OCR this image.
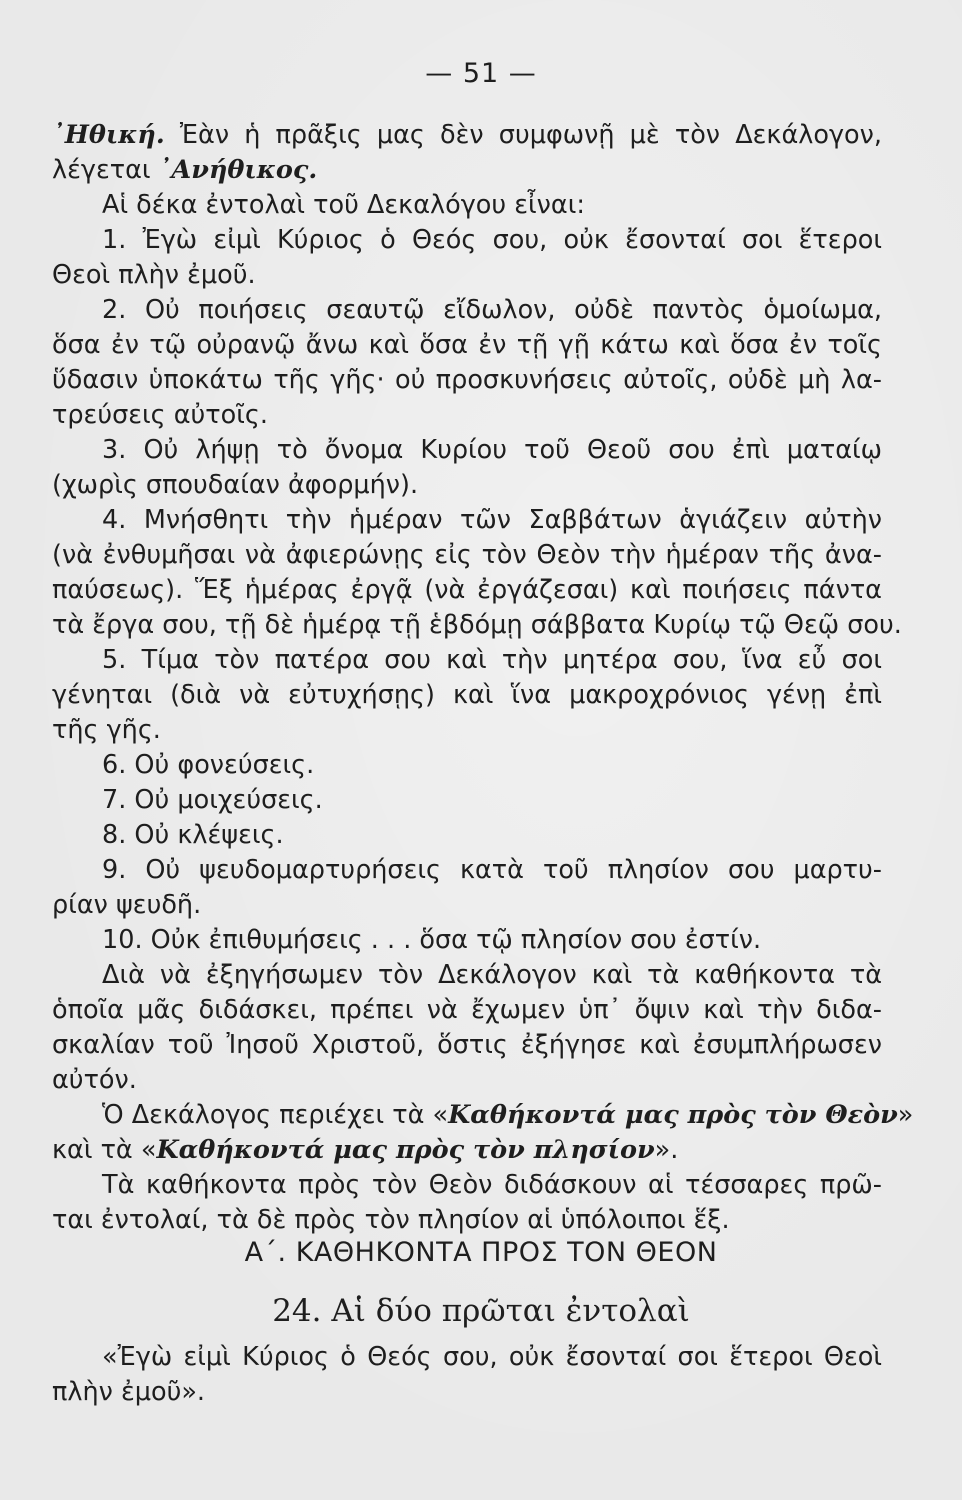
— 51 —
᾽Ηθική. Ἐὰν ἡ πρᾶξις μας δὲν συμφωνῇ μὲ τὸν Δεκάλογον,
λέγεται ᾽Ανήθικος.
Αἱ δέκα ἐντολαὶ τοῦ Δεκαλόγου εἶναι:
1. Ἐγὼ εἰμὶ Κύριος ὁ Θεός σου, οὐκ ἔσονταί σοι ἕτεροι
Θεοὶ πλὴν ἐμοῦ.
2. Οὐ ποιήσεις σεαυτῷ εἴδωλον, οὐδὲ παντὸς ὁμοίωμα,
ὅσα ἐν τῷ οὐρανῷ ἄνω καὶ ὅσα ἐν τῇ γῇ κάτω καὶ ὅσα ἐν τοῖς
ὕδασιν ὑποκάτω τῆς γῆς· οὐ προσκυνήσεις αὐτοῖς, οὐδὲ μὴ λα-
τρεύσεις αὐτοῖς.
3. Οὐ λήψῃ τὸ ὄνομα Κυρίου τοῦ Θεοῦ σου ἐπὶ ματαίῳ
(χωρὶς σπουδαίαν ἀφορμήν).
4. Μνήσθητι τὴν ἡμέραν τῶν Σαββάτων ἁγιάζειν αὐτὴν
(νὰ ἐνθυμῆσαι νὰ ἀφιερώνῃς εἰς τὸν Θεὸν τὴν ἡμέραν τῆς ἀνα-
παύσεως). Ἕξ ἡμέρας ἐργᾷ (νὰ ἐργάζεσαι) καὶ ποιήσεις πάντα
τὰ ἔργα σου, τῇ δὲ ἡμέρᾳ τῇ ἑβδόμῃ σάββατα Κυρίῳ τῷ Θεῷ σου.
5. Τίμα τὸν πατέρα σου καὶ τὴν μητέρα σου, ἵνα εὖ σοι
γένηται (διὰ νὰ εὐτυχήσῃς) καὶ ἵνα μακροχρόνιος γένῃ ἐπὶ
τῆς γῆς.
6. Οὐ φονεύσεις.
7. Οὐ μοιχεύσεις.
8. Οὐ κλέψεις.
9. Οὐ ψευδομαρτυρήσεις κατὰ τοῦ πλησίον σου μαρτυ-
ρίαν ψευδῆ.
10. Οὐκ ἐπιθυμήσεις . . . ὅσα τῷ πλησίον σου ἐστίν.
Διὰ νὰ ἐξηγήσωμεν τὸν Δεκάλογον καὶ τὰ καθήκοντα τὰ
ὁποῖα μᾶς διδάσκει, πρέπει νὰ ἔχωμεν ὑπ᾽ ὄψιν καὶ τὴν διδα-
σκαλίαν τοῦ Ἰησοῦ Χριστοῦ, ὅστις ἐξήγησε καὶ ἐσυμπλήρωσεν
αὐτόν.
Ὁ Δεκάλογος περιέχει τὰ «Καθήκοντά μας πρὸς τὸν Θεὸν»
καὶ τὰ «Καθήκοντά μας πρὸς τὸν πλησίον».
Τὰ καθήκοντα πρὸς τὸν Θεὸν διδάσκουν αἱ τέσσαρες πρῶ-
ται ἐντολαί, τὰ δὲ πρὸς τὸν πλησίον αἱ ὑπόλοιποι ἕξ.
Α΄. ΚΑΘΗΚΟΝΤΑ ΠΡΟΣ ΤΟΝ ΘΕΟΝ
24. Αἱ δύο πρῶται ἐντολαὶ
«Ἐγὼ εἰμὶ Κύριος ὁ Θεός σου, οὐκ ἔσονταί σοι ἕτεροι Θεοὶ
πλὴν ἐμοῦ».
